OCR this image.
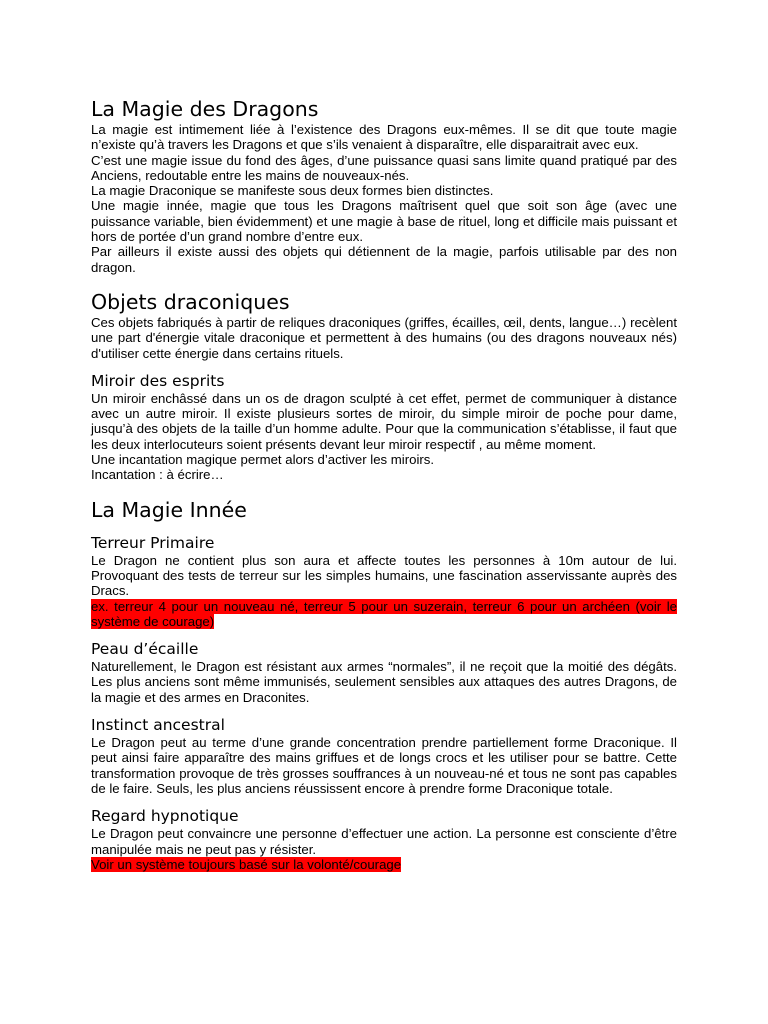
La Magie des Dragons

La magie est intimement liée à l’existence des Dragons eux-mêmes. Il se dit que toute magie n’existe qu’à travers les Dragons et que s’ils venaient à disparaître, elle disparaitrait avec eux.

C’est une magie issue du fond des âges, d’une puissance quasi sans limite quand pratiqué par des Anciens, redoutable entre les mains de nouveaux-nés.

La magie Draconique se manifeste sous deux formes bien distinctes.

Une magie innée, magie que tous les Dragons maîtrisent quel que soit son âge (avec une puissance variable, bien évidemment) et une magie à base de rituel, long et difficile mais puissant et hors de portée d’un grand nombre d’entre eux.

Par ailleurs il existe aussi des objets qui détiennent de la magie, parfois utilisable par des non dragon.

Objets draconiques

Ces objets fabriqués à partir de reliques draconiques (griffes, écailles, œil, dents, langue…) recèlent une part d'énergie vitale draconique et permettent à des humains (ou des dragons nouveaux nés) d'utiliser cette énergie dans certains rituels.

Miroir des esprits

Un miroir enchâssé dans un os de dragon sculpté à cet effet, permet de communiquer à distance avec un autre miroir. Il existe plusieurs sortes de miroir, du simple miroir de poche pour dame, jusqu’à des objets de la taille d’un homme adulte. Pour que la communication s’établisse, il faut que les deux interlocuteurs soient présents devant leur miroir respectif , au même moment.

Une incantation magique permet alors d’activer les miroirs.

Incantation : à écrire…

La Magie Innée
Terreur Primaire

Le Dragon ne contient plus son aura et affecte toutes les personnes à 10m autour de lui. Provoquant des tests de terreur sur les simples humains, une fascination asservissante auprès des Dracs.

ex. terreur 4 pour un nouveau né, terreur 5 pour un suzerain, terreur 6 pour un archéen (voir le système de courage)

Peau d’écaille

Naturellement, le Dragon est résistant aux armes “normales”, il ne reçoit que la moitié des dégâts. Les plus anciens sont même immunisés, seulement sensibles aux attaques des autres Dragons, de la magie et des armes en Draconites.

Instinct ancestral

Le Dragon peut au terme d’une grande concentration prendre partiellement forme Draconique. Il peut ainsi faire apparaître des mains griffues et de longs crocs et les utiliser pour se battre. Cette transformation provoque de très grosses souffrances à un nouveau-né et tous ne sont pas capables de le faire. Seuls, les plus anciens réussissent encore à prendre forme Draconique totale.

Regard hypnotique

Le Dragon peut convaincre une personne d’effectuer une action. La personne est consciente d’être manipulée mais ne peut pas y résister.

Voir un système toujours basé sur la volonté/courage
